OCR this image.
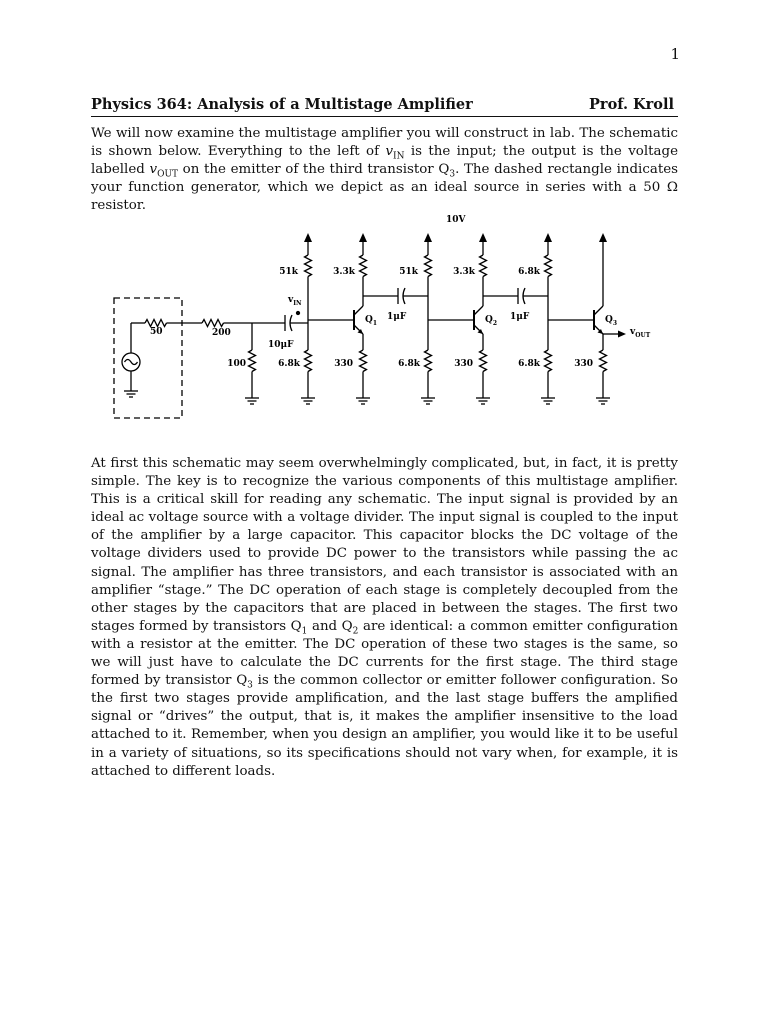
1
Physics 364: Analysis of a Multistage Amplifier	Prof. Kroll

We will now examine the multistage amplifier you will construct in lab. The schematic is shown below. Everything to the left of $v_{IN}$ is the input; the output is the voltage labelled $v_{OUT}$ on the emitter of the third transistor $Q_3$. The dashed rectangle indicates your function generator, which we depict as an ideal source in series with a 50 Ω resistor.

10V
50	200
100
51k
6.8k
3.3k
330
51k
6.8k
3.3k
330
6.8k
6.8k	330
10μF
1μF	1μF
$v_{IN}$
$v_{OUT}$
$Q_1$	$Q_2$	$Q_3$

At first this schematic may seem overwhelmingly complicated, but, in fact, it is pretty simple. The key is to recognize the various components of this multistage amplifier. This is a critical skill for reading any schematic. The input signal is provided by an ideal ac voltage source with a voltage divider. The input signal is coupled to the input of the amplifier by a large capacitor. This capacitor blocks the DC voltage of the voltage dividers used to provide DC power to the transistors while passing the ac signal. The amplifier has three transistors, and each transistor is associated with an amplifier “stage.” The DC operation of each stage is completely decoupled from the other stages by the capacitors that are placed in between the stages. The first two stages formed by transistors $Q_1$ and $Q_2$ are identical: a common emitter configuration with a resistor at the emitter. The DC operation of these two stages is the same, so we will just have to calculate the DC currents for the first stage. The third stage formed by transistor $Q_3$ is the common collector or emitter follower configuration. So the first two stages provide amplification, and the last stage buffers the amplified signal or “drives” the output, that is, it makes the amplifier insensitive to the load attached to it. Remember, when you design an amplifier, you would like it to be useful in a variety of situations, so its specifications should not vary when, for example, it is attached to different loads.
